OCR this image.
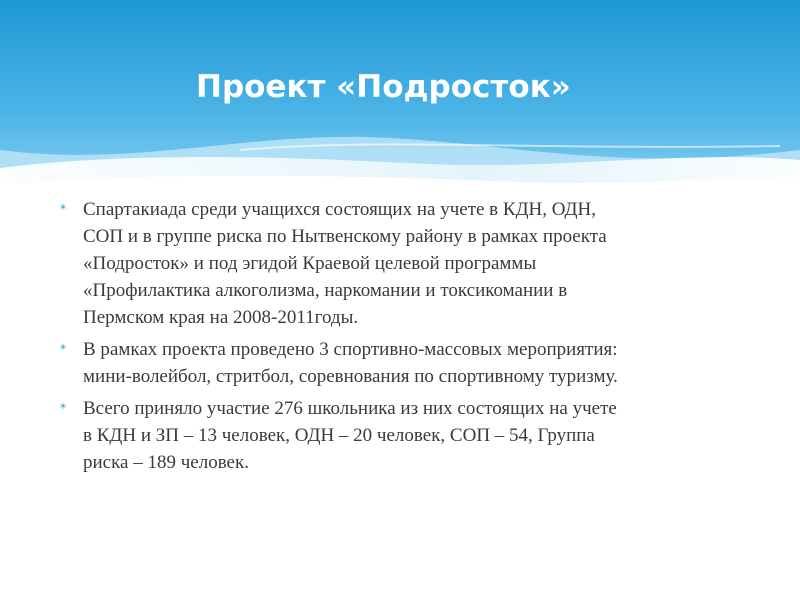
Проект «Подросток»
* Спартакиада среди учащихся состоящих на учете в КДН, ОДН,
СОП и в группе риска по Нытвенскому району в рамках проекта
«Подросток» и под эгидой Краевой целевой программы
«Профилактика алкоголизма, наркомании и токсикомании в
Пермском края на 2008-2011годы.
* В рамках проекта проведено 3 спортивно-массовых мероприятия:
мини-волейбол, стритбол, соревнования по спортивному туризму.
* Всего приняло участие 276 школьника из них состоящих на учете
в КДН и ЗП – 13 человек, ОДН – 20 человек, СОП – 54, Группа
риска – 189 человек.
